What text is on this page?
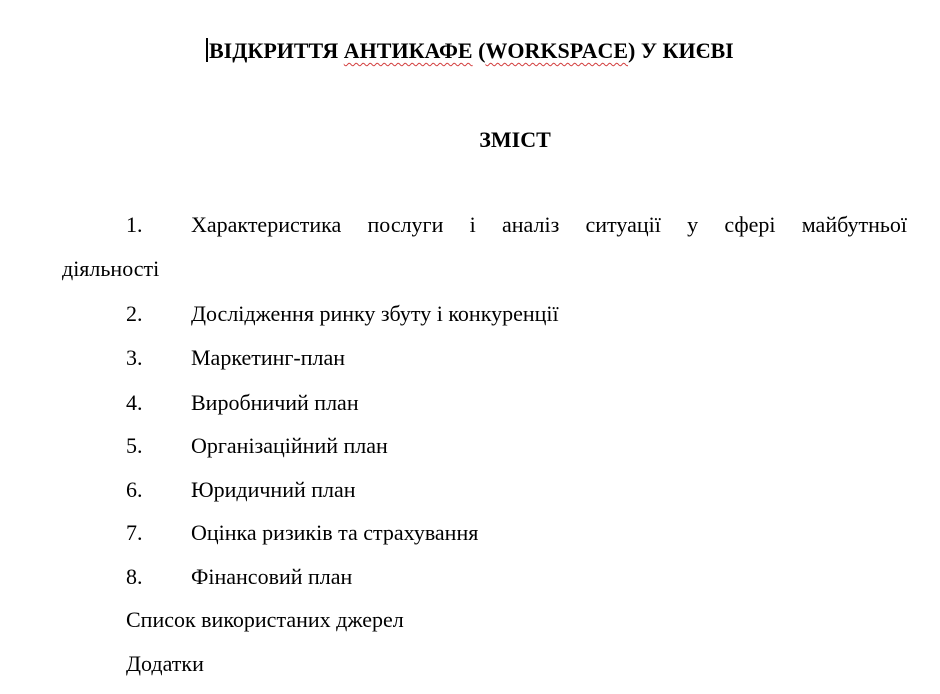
ВІДКРИТТЯ АНТИКАФЕ (WORKSPACE) У КИЄВІ
ЗМІСТ
1.	Характеристика послуги і аналіз ситуації у сфері майбутньої
діяльності
2.	Дослідження ринку збуту і конкуренції
3.	Маркетинг-план
4.	Виробничий план
5.	Організаційний план
6.	Юридичний план
7.	Оцінка ризиків та страхування
8.	Фінансовий план
Список використаних джерел
Додатки
